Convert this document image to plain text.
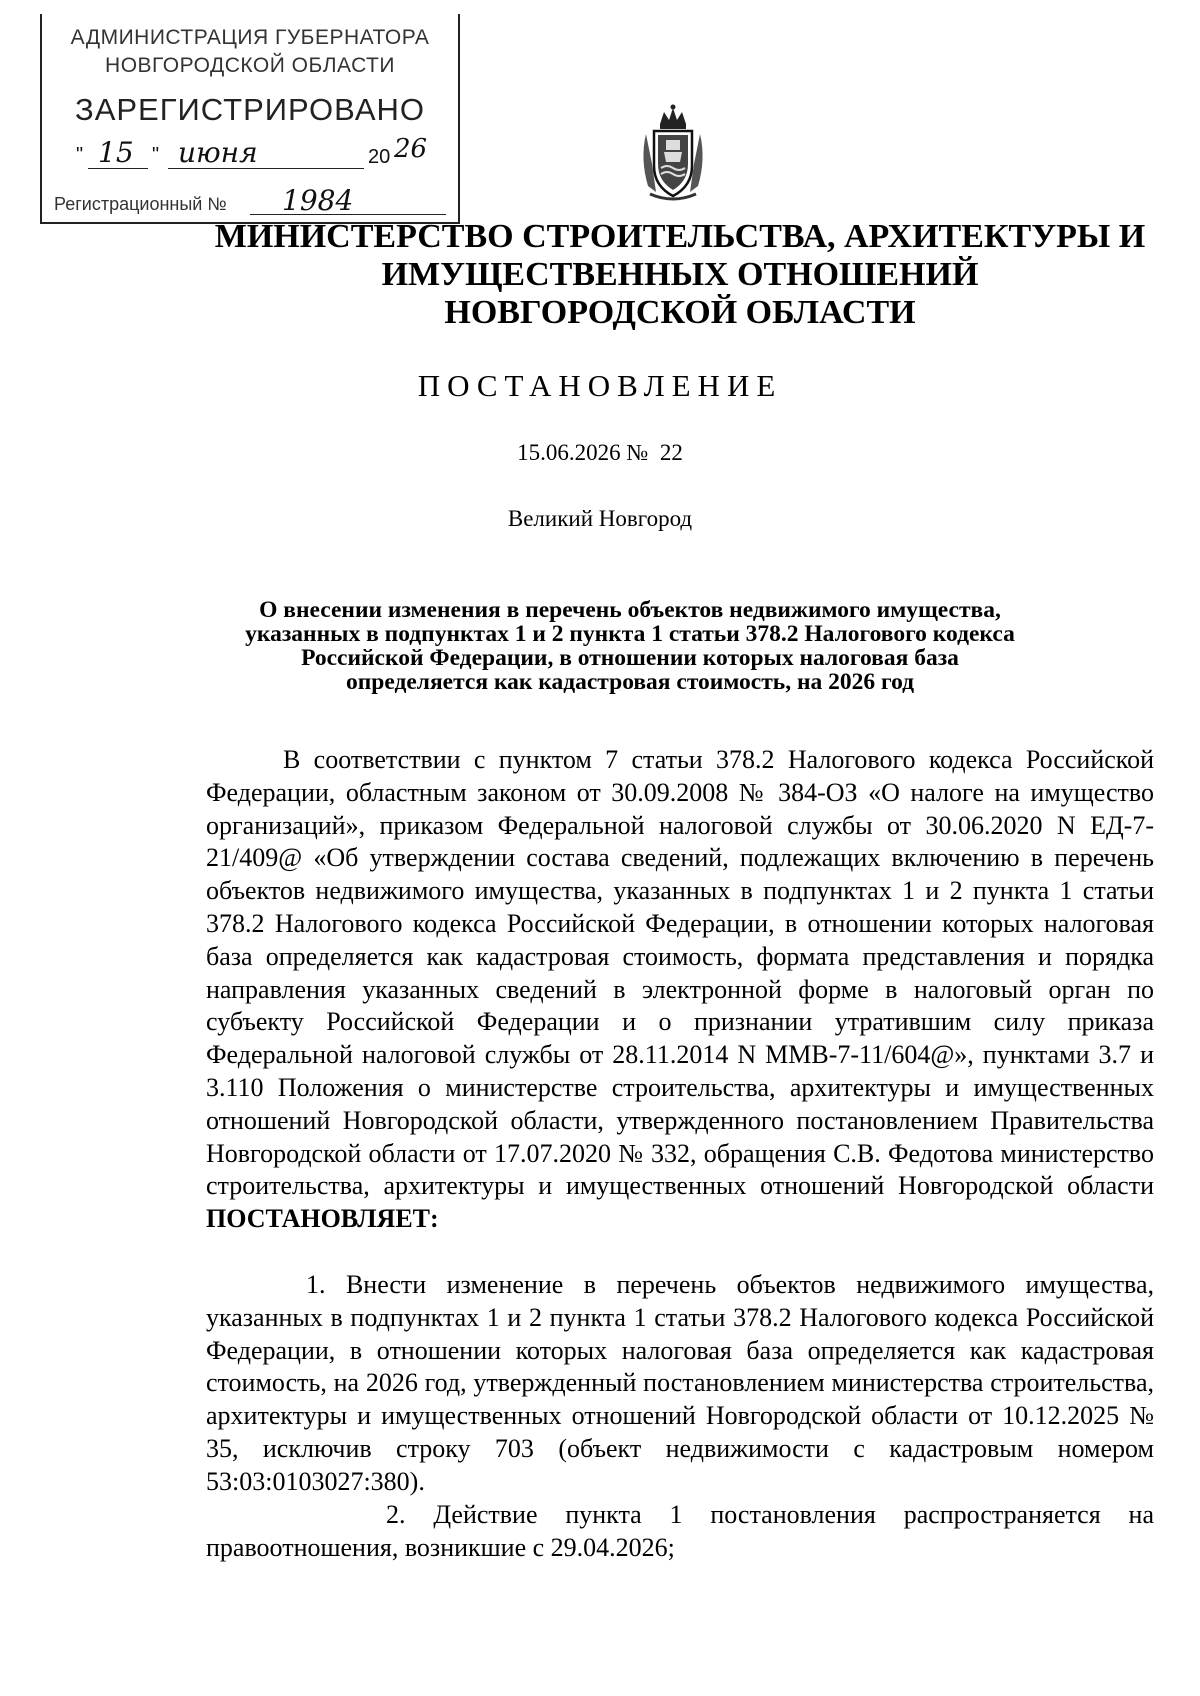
АДМИНИСТРАЦИЯ ГУБЕРНАТОРА
НОВГОРОДСКОЙ ОБЛАСТИ
ЗАРЕГИСТРИРОВАНО
" 15 " июня	20 26
Регистрационный № 1984
МИНИСТЕРСТВО СТРОИТЕЛЬСТВА, АРХИТЕКТУРЫ И
ИМУЩЕСТВЕННЫХ ОТНОШЕНИЙ
НОВГОРОДСКОЙ ОБЛАСТИ
ПОСТАНОВЛЕНИЕ
15.06.2026 №  22
Великий Новгород
О внесении изменения в перечень объектов недвижимого имущества,
указанных в подпунктах 1 и 2 пункта 1 статьи 378.2 Налогового кодекса
Российской Федерации, в отношении которых налоговая база
определяется как кадастровая стоимость, на 2026 год
В соответствии с пунктом 7 статьи 378.2 Налогового кодекса Российской Федерации, областным законом от 30.09.2008 № 384-ОЗ «О налоге на имущество организаций», приказом Федеральной налоговой службы от 30.06.2020 N ЕД-7-21/409@ «Об утверждении состава сведений, подлежащих включению в перечень объектов недвижимого имущества, указанных в подпунктах 1 и 2 пункта 1 статьи 378.2 Налогового кодекса Российской Федерации, в отношении которых налоговая база определяется как кадастровая стоимость, формата представления и порядка направления указанных сведений в электронной форме в налоговый орган по субъекту Российской Федерации и о признании утратившим силу приказа Федеральной налоговой службы от 28.11.2014 N ММВ-7-11/604@», пунктами 3.7 и 3.110 Положения о министерстве строительства, архитектуры и имущественных отношений Новгородской области, утвержденного постановлением Правительства Новгородской области от 17.07.2020 № 332, обращения С.В. Федотова министерство строительства, архитектуры и имущественных отношений Новгородской области ПОСТАНОВЛЯЕТ:
1. Внести изменение в перечень объектов недвижимого имущества, указанных в подпунктах 1 и 2 пункта 1 статьи 378.2 Налогового кодекса Российской Федерации, в отношении которых налоговая база определяется как кадастровая стоимость, на 2026 год, утвержденный постановлением министерства строительства, архитектуры и имущественных отношений Новгородской области от 10.12.2025 № 35, исключив строку 703 (объект недвижимости с кадастровым номером 53:03:0103027:380).
2. Действие пункта 1 постановления распространяется на правоотношения, возникшие с 29.04.2026;
